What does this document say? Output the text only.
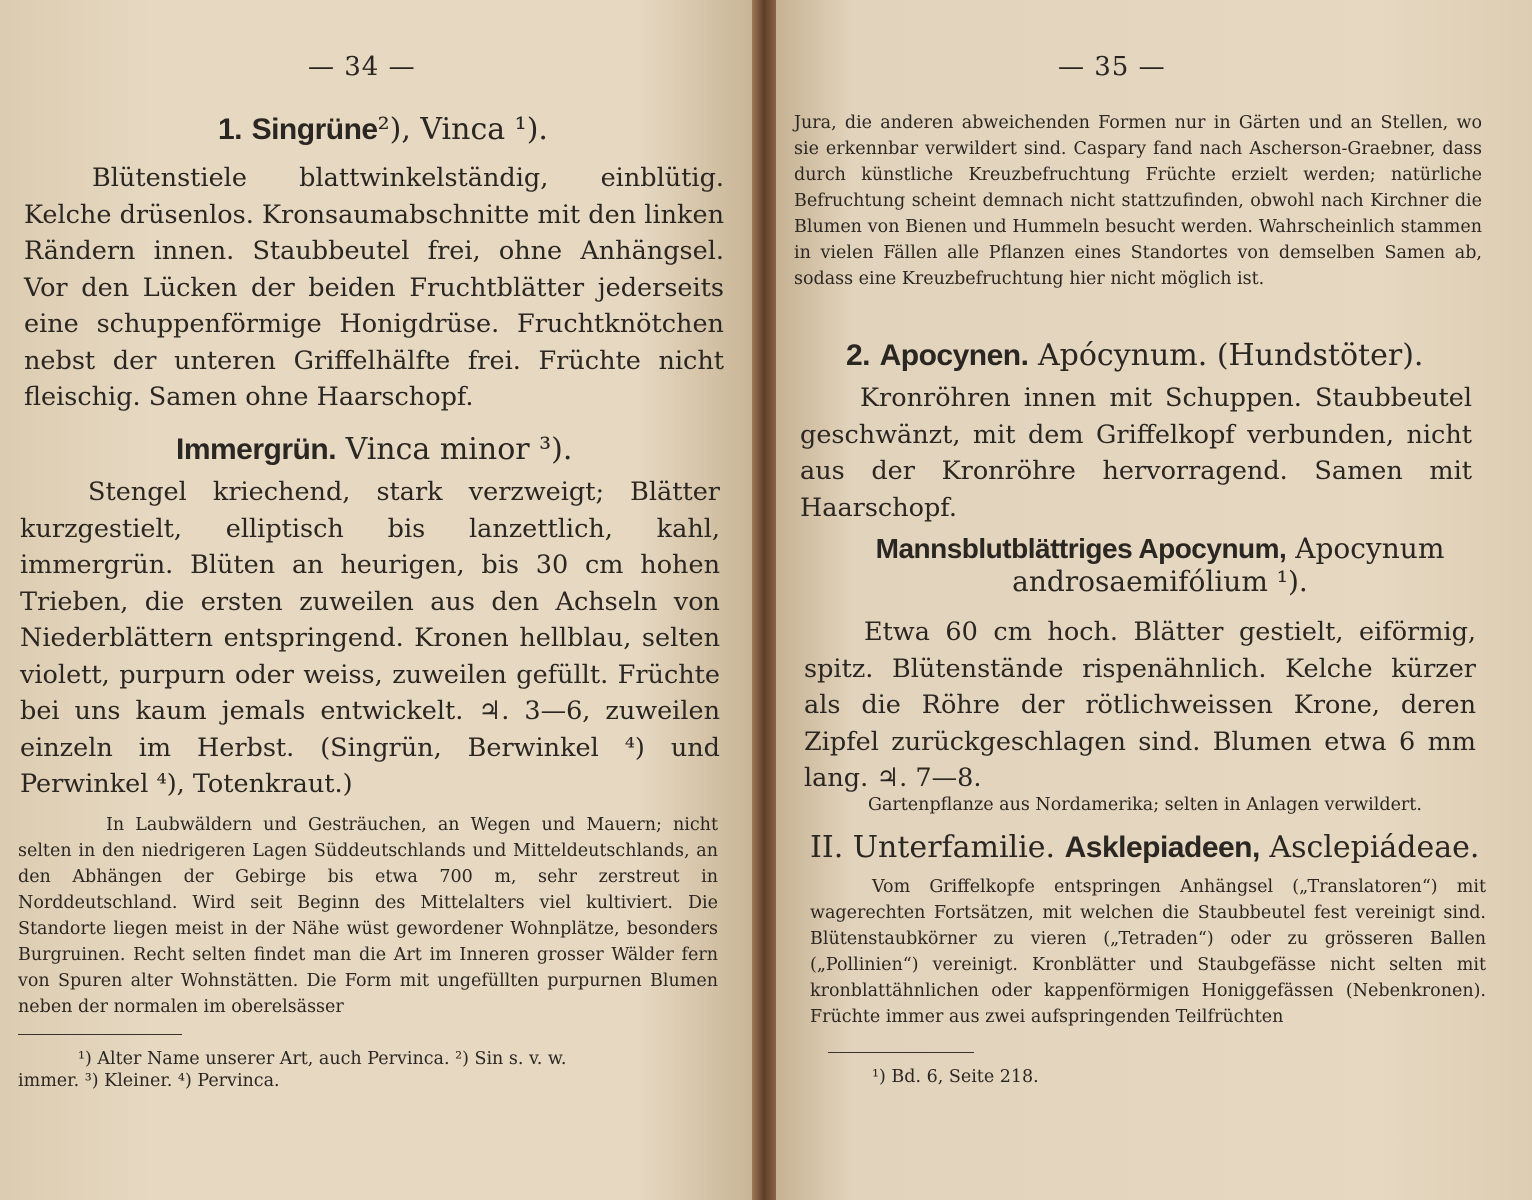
— 34 —

1. Singrüne²), Vinca ¹).

Blütenstiele blattwinkelständig, einblütig. Kelche drüsenlos. Kronsaumabschnitte mit den linken Rändern innen. Staubbeutel frei, ohne Anhängsel. Vor den Lücken der beiden Fruchtblätter jederseits eine schuppenförmige Honigdrüse. Fruchtknötchen nebst der unteren Griffelhälfte frei. Früchte nicht fleischig. Samen ohne Haarschopf.

Immergrün. Vinca minor ³).

Stengel kriechend, stark verzweigt; Blätter kurzgestielt, elliptisch bis lanzettlich, kahl, immergrün. Blüten an heurigen, bis 30 cm hohen Trieben, die ersten zuweilen aus den Achseln von Niederblättern entspringend. Kronen hellblau, selten violett, purpurn oder weiss, zuweilen gefüllt. Früchte bei uns kaum jemals entwickelt. ♃. 3—6, zuweilen einzeln im Herbst. (Singrün, Berwinkel ⁴) und Perwinkel ⁴), Totenkraut.)

In Laubwäldern und Gesträuchen, an Wegen und Mauern; nicht selten in den niedrigeren Lagen Süddeutschlands und Mitteldeutschlands, an den Abhängen der Gebirge bis etwa 700 m, sehr zerstreut in Norddeutschland. Wird seit Beginn des Mittelalters viel kultiviert. Die Standorte liegen meist in der Nähe wüst gewordener Wohnplätze, besonders Burgruinen. Recht selten findet man die Art im Inneren grosser Wälder fern von Spuren alter Wohnstätten. Die Form mit ungefüllten purpurnen Blumen neben der normalen im oberelsässer

¹) Alter Name unserer Art, auch Pervinca. ²) Sin s. v. w.

immer. ³) Kleiner. ⁴) Pervinca.

— 35 —

Jura, die anderen abweichenden Formen nur in Gärten und an Stellen, wo sie erkennbar verwildert sind. Caspary fand nach Ascherson-Graebner, dass durch künstliche Kreuzbefruchtung Früchte erzielt werden; natürliche Befruchtung scheint demnach nicht stattzufinden, obwohl nach Kirchner die Blumen von Bienen und Hummeln besucht werden. Wahrscheinlich stammen in vielen Fällen alle Pflanzen eines Standortes von demselben Samen ab, sodass eine Kreuzbefruchtung hier nicht möglich ist.

2. Apocynen. Apócynum. (Hundstöter).

Kronröhren innen mit Schuppen. Staubbeutel geschwänzt, mit dem Griffelkopf verbunden, nicht aus der Kronröhre hervorragend. Samen mit Haarschopf.

Mannsblutblättriges Apocynum, Apocynum

androsaemifólium ¹).

Etwa 60 cm hoch. Blätter gestielt, eiförmig, spitz. Blütenstände rispenähnlich. Kelche kürzer als die Röhre der rötlichweissen Krone, deren Zipfel zurückgeschlagen sind. Blumen etwa 6 mm lang. ♃. 7—8.

Gartenpflanze aus Nordamerika; selten in Anlagen verwildert.

II. Unterfamilie. Asklepiadeen, Asclepiádeae.

Vom Griffelkopfe entspringen Anhängsel („Translatoren“) mit wagerechten Fortsätzen, mit welchen die Staubbeutel fest vereinigt sind. Blütenstaubkörner zu vieren („Tetraden“) oder zu grösseren Ballen („Pollinien“) vereinigt. Kronblätter und Staubgefässe nicht selten mit kronblattähnlichen oder kappenförmigen Honiggefässen (Nebenkronen). Früchte immer aus zwei aufspringenden Teilfrüchten

¹) Bd. 6, Seite 218.
